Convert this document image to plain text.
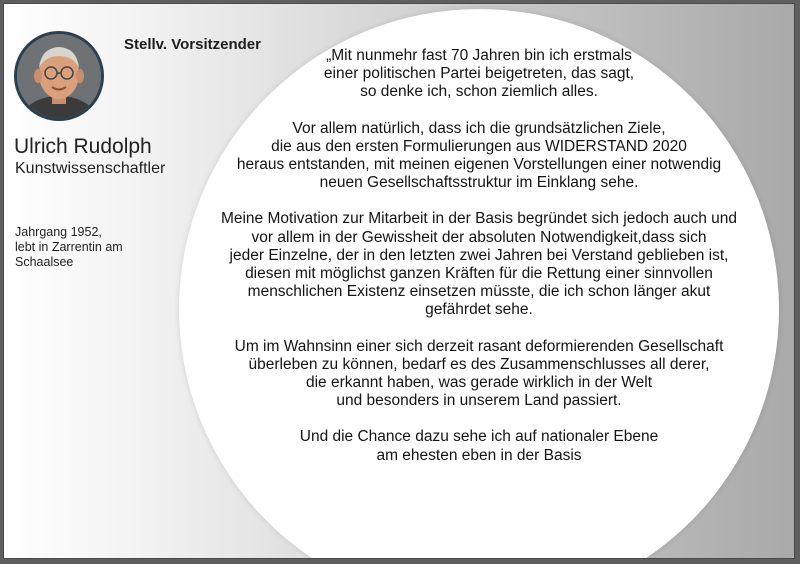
Stellv. Vorsitzender
Ulrich Rudolph
Kunstwissenschaftler
Jahrgang 1952,
lebt in Zarrentin am
Schaalsee

„Mit nunmehr fast 70 Jahren bin ich erstmals
einer politischen Partei beigetreten, das sagt,
so denke ich, schon ziemlich alles.

Vor allem natürlich, dass ich die grundsätzlichen Ziele,
die aus den ersten Formulierungen aus WIDERSTAND 2020
heraus entstanden, mit meinen eigenen Vorstellungen einer notwendig
neuen Gesellschaftsstruktur im Einklang sehe.

Meine Motivation zur Mitarbeit in der Basis begründet sich jedoch auch und
vor allem in der Gewissheit der absoluten Notwendigkeit,dass sich
jeder Einzelne, der in den letzten zwei Jahren bei Verstand geblieben ist,
diesen mit möglichst ganzen Kräften für die Rettung einer sinnvollen
menschlichen Existenz einsetzen müsste, die ich schon länger akut
gefährdet sehe.

Um im Wahnsinn einer sich derzeit rasant deformierenden Gesellschaft
überleben zu können, bedarf es des Zusammenschlusses all derer,
die erkannt haben, was gerade wirklich in der Welt
und besonders in unserem Land passiert.

Und die Chance dazu sehe ich auf nationaler Ebene
am ehesten eben in der Basis
